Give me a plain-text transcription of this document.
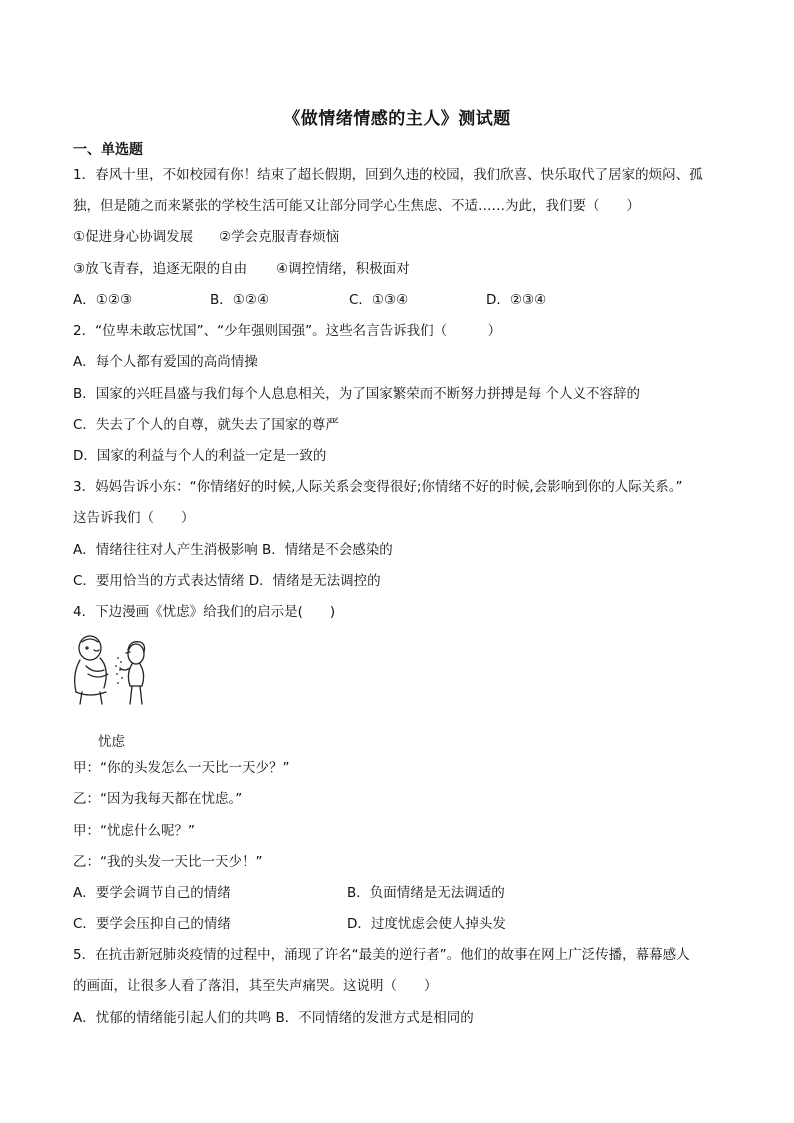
《做情绪情感的主人》测试题
一、单选题
1．春风十里，不如校园有你！结束了超长假期，回到久违的校园，我们欣喜、快乐取代了居家的烦闷、孤
独，但是随之而来紧张的学校生活可能又让部分同学心生焦虑、不适……为此，我们要（　　）
①促进身心协调发展 ②学会克服青春烦恼
③放飞青春，追逐无限的自由 ④调控情绪，积极面对
A．①②③	B．①②④	C．①③④	D．②③④
2．“位卑未敢忘忧国”、“少年强则国强”。这些名言告诉我们（　　　）
A．每个人都有爱国的高尚情操
B．国家的兴旺昌盛与我们每个人息息相关，为了国家繁荣而不断努力拼搏是每 个人义不容辞的
C．失去了个人的自尊，就失去了国家的尊严
D．国家的利益与个人的利益一定是一致的
3．妈妈告诉小东：“你情绪好的时候,人际关系会变得很好;你情绪不好的时候,会影响到你的人际关系。”
这告诉我们（　　）
A．情绪往往对人产生消极影响 B．情绪是不会感染的
C．要用恰当的方式表达情绪 D．情绪是无法调控的
4．下边漫画《忧虑》给我们的启示是(　　)
忧虑
甲：“你的头发怎么一天比一天少？”
乙：“因为我每天都在忧虑。”
甲：“忧虑什么呢？”
乙：“我的头发一天比一天少！”
A．要学会调节自己的情绪	B．负面情绪是无法调适的
C．要学会压抑自己的情绪	D．过度忧虑会使人掉头发
5．在抗击新冠肺炎疫情的过程中，涌现了许名“最美的逆行者”。他们的故事在网上广泛传播，幕幕感人
的画面，让很多人看了落泪，其至失声痛哭。这说明（　　）
A．忧郁的情绪能引起人们的共鸣 B．不同情绪的发泄方式是相同的
